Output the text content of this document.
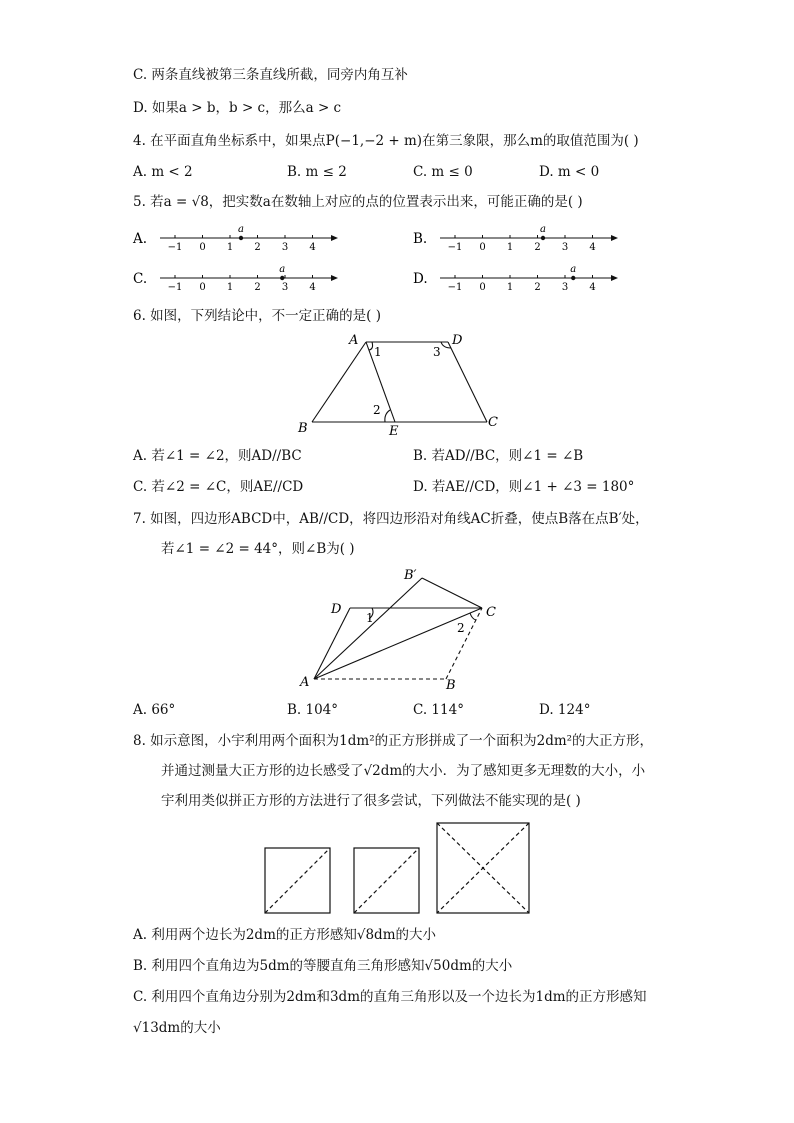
C. 两条直线被第三条直线所截，同旁内角互补
D. 如果a > b，b > c，那么a > c
4. 在平面直角坐标系中，如果点P(−1,−2 + m)在第三象限，那么m的取值范围为( )
A. m < 2	B. m ≤ 2	C. m ≤ 0	D. m < 0
5. 若a = √8，把实数a在数轴上对应的点的位置表示出来，可能正确的是( )
A.
−1 0 1 2 3 4
a
B.
−1 0 1 2 3 4
a
C.
−1 0 1 2 3 4
a
D.
−1 0 1 2 3 4
a
6. 如图，下列结论中，不一定正确的是( )
A	D
B	E
C
1
2
3
A. 若∠1 = ∠2，则AD//BC	B. 若AD//BC，则∠1 = ∠B
C. 若∠2 = ∠C，则AE//CD	D. 若AE//CD，则∠1 + ∠3 = 180°
7. 如图，四边形ABCD中，AB//CD，将四边形沿对角线AC折叠，使点B落在点B′处，
若∠1 = ∠2 = 44°，则∠B为( )
D
B′
C
A	B
1
2
A. 66°	B. 104°	C. 114°	D. 124°
8. 如示意图，小宇利用两个面积为1dm²的正方形拼成了一个面积为2dm²的大正方形，
并通过测量大正方形的边长感受了√2dm的大小．为了感知更多无理数的大小，小
宇利用类似拼正方形的方法进行了很多尝试，下列做法不能实现的是( )
A. 利用两个边长为2dm的正方形感知√8dm的大小
B. 利用四个直角边为5dm的等腰直角三角形感知√50dm的大小
C. 利用四个直角边分别为2dm和3dm的直角三角形以及一个边长为1dm的正方形感知
√13dm的大小
